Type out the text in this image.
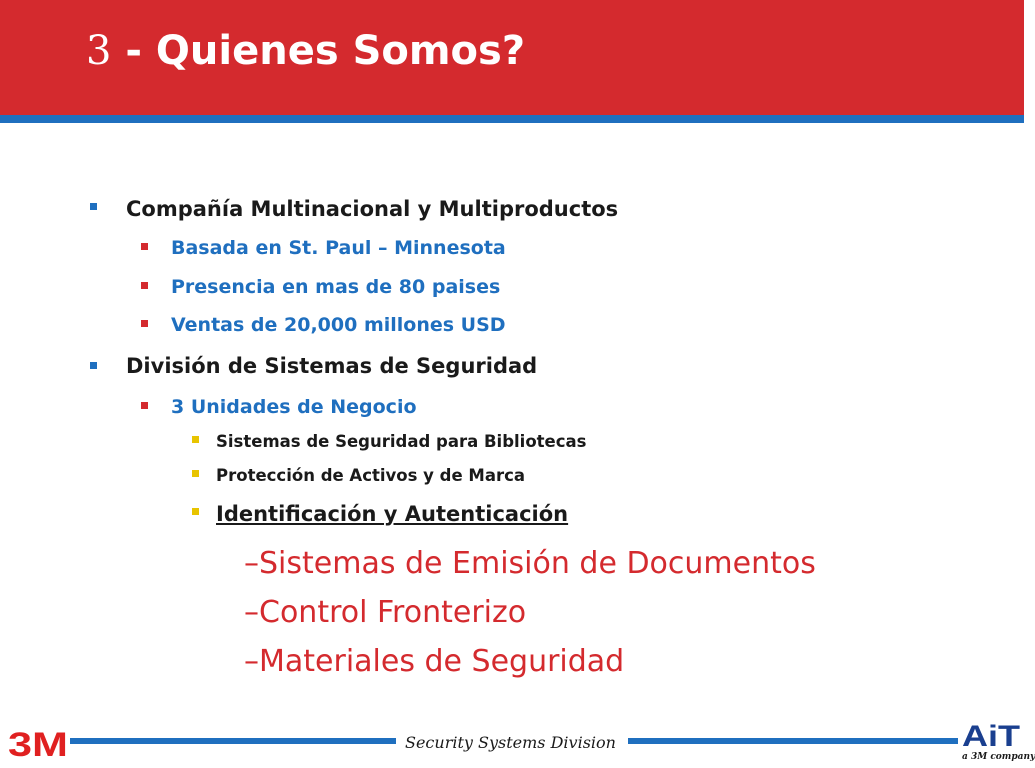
3 - Quienes Somos?
Compañía Multinacional y Multiproductos
Basada en St. Paul – Minnesota
Presencia en mas de 80 paises
Ventas de 20,000 millones USD
División de Sistemas de Seguridad
3 Unidades de Negocio
Sistemas de Seguridad para Bibliotecas
Protección de Activos y de Marca
Identificación y Autenticación
–Sistemas de Emisión de Documentos
–Control Fronterizo
–Materiales de Seguridad
3M	Security Systems Division	AiT
a 3M company
